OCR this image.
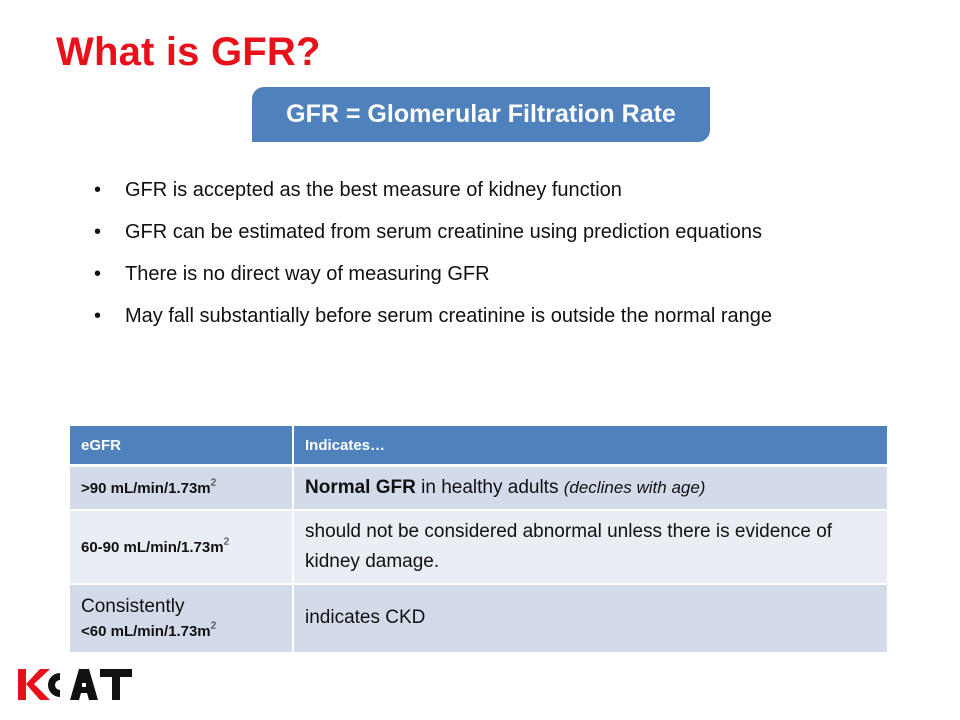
What is GFR?
GFR = Glomerular Filtration Rate
• GFR is accepted as the best measure of kidney function
• GFR can be estimated from serum creatinine using prediction equations
• There is no direct way of measuring GFR
• May fall substantially before serum creatinine is outside the normal range
eGFR	Indicates…
>90 $mL/\min/1.73m^2$	Normal GFR in healthy adults (declines with age)
60-90 $mL/\min/1.73m^2$	should not be considered abnormal unless there is evidence of kidney damage.

Consistently
<60 $mL/\min/1.73m^2$	indicates CKD
